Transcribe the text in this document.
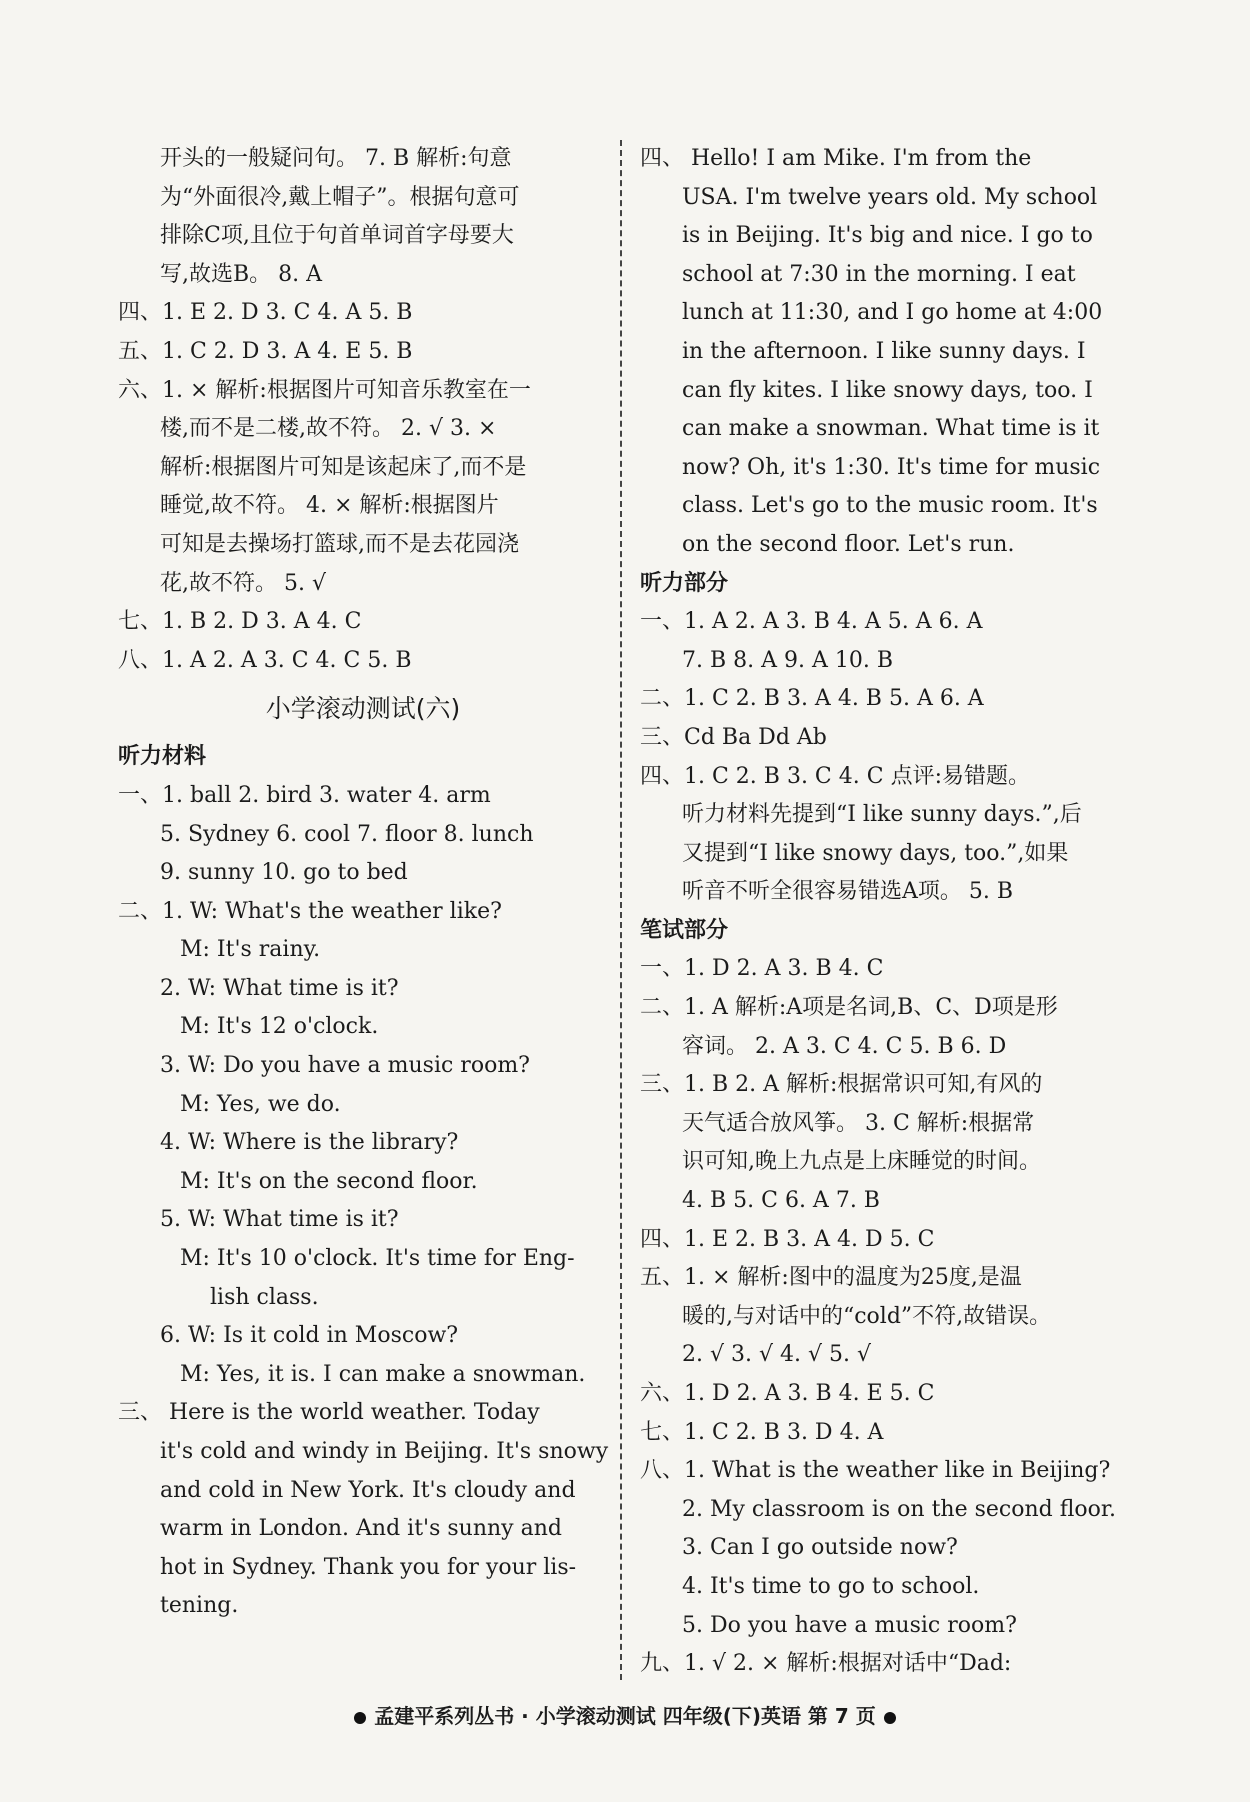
开头的一般疑问句。 7. B 解析:句意
为“外面很冷,戴上帽子”。根据句意可
排除C项,且位于句首单词首字母要大
写,故选B。 8. A
四、1. E 2. D 3. C 4. A 5. B
五、1. C 2. D 3. A 4. E 5. B
六、1. × 解析:根据图片可知音乐教室在一
楼,而不是二楼,故不符。 2. √ 3. ×
解析:根据图片可知是该起床了,而不是
睡觉,故不符。 4. × 解析:根据图片
可知是去操场打篮球,而不是去花园浇
花,故不符。 5. √
七、1. B 2. D 3. A 4. C
八、1. A 2. A 3. C 4. C 5. B
小学滚动测试(六)
听力材料
一、1. ball 2. bird 3. water 4. arm
5. Sydney 6. cool 7. floor 8. lunch
9. sunny 10. go to bed
二、1. W: What's the weather like?
M: It's rainy.
2. W: What time is it?
M: It's 12 o'clock.
3. W: Do you have a music room?
M: Yes, we do.
4. W: Where is the library?
M: It's on the second floor.
5. W: What time is it?
M: It's 10 o'clock. It's time for Eng-
lish class.
6. W: Is it cold in Moscow?
M: Yes, it is. I can make a snowman.
三、 Here is the world weather. Today
it's cold and windy in Beijing. It's snowy
and cold in New York. It's cloudy and
warm in London. And it's sunny and
hot in Sydney. Thank you for your lis-
tening.
四、 Hello! I am Mike. I'm from the
USA. I'm twelve years old. My school
is in Beijing. It's big and nice. I go to
school at 7:30 in the morning. I eat
lunch at 11:30, and I go home at 4:00
in the afternoon. I like sunny days. I
can fly kites. I like snowy days, too. I
can make a snowman. What time is it
now? Oh, it's 1:30. It's time for music
class. Let's go to the music room. It's
on the second floor. Let's run.
听力部分
一、1. A 2. A 3. B 4. A 5. A 6. A
7. B 8. A 9. A 10. B
二、1. C 2. B 3. A 4. B 5. A 6. A
三、Cd Ba Dd Ab
四、1. C 2. B 3. C 4. C 点评:易错题。
听力材料先提到“I like sunny days.”,后
又提到“I like snowy days, too.”,如果
听音不听全很容易错选A项。 5. B
笔试部分
一、1. D 2. A 3. B 4. C
二、1. A 解析:A项是名词,B、C、D项是形
容词。 2. A 3. C 4. C 5. B 6. D
三、1. B 2. A 解析:根据常识可知,有风的
天气适合放风筝。 3. C 解析:根据常
识可知,晚上九点是上床睡觉的时间。
4. B 5. C 6. A 7. B
四、1. E 2. B 3. A 4. D 5. C
五、1. × 解析:图中的温度为25度,是温
暖的,与对话中的“cold”不符,故错误。
2. √ 3. √ 4. √ 5. √
六、1. D 2. A 3. B 4. E 5. C
七、1. C 2. B 3. D 4. A
八、1. What is the weather like in Beijing?
2. My classroom is on the second floor.
3. Can I go outside now?
4. It's time to go to school.
5. Do you have a music room?
九、1. √ 2. × 解析:根据对话中“Dad:
孟建平系列丛书 · 小学滚动测试 四年级(下)英语 第 7 页
